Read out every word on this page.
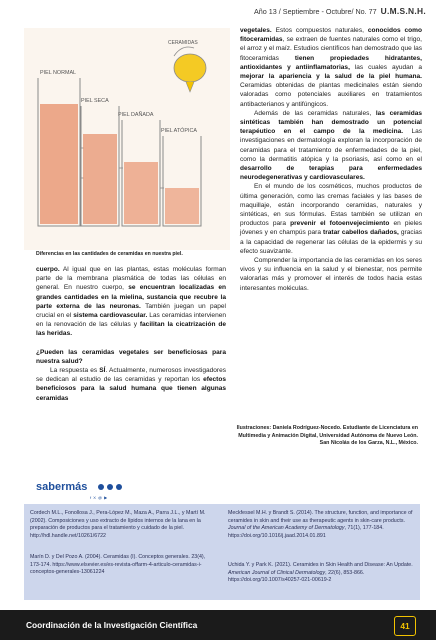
Año 13 / Septiembre - Octubre/ No. 77 U.M.S.N.H.
PIEL NORMAL
PIEL SECA
PIEL DAÑADA
PIEL ATÓPICA
CERAMIDAS
Diferencias en las cantidades de ceramidas en nuestra piel.

cuerpo. Al igual que en las plantas, estas moléculas forman parte de la membrana plasmática de todas las células en general. En nuestro cuerpo, se encuentran localizadas en grandes cantidades en la mielina, sustancia que recubre la parte externa de las neuronas. También juegan un papel crucial en el sistema cardiovascular. Las ceramidas intervienen en la renovación de las células y facilitan la cicatrización de las heridas.

¿Pueden las ceramidas vegetales ser beneficiosas para nuestra salud?

La respuesta es SÍ. Actualmente, numerosos investigadores se dedican al estudio de las ceramidas y reportan los efectos beneficiosos para la salud humana que tienen algunas ceramidas

vegetales. Estos compuestos naturales, conocidos como fitoceramidas, se extraen de fuentes naturales como el trigo, el arroz y el maíz. Estudios científicos han demostrado que las fitoceramidas tienen propiedades hidratantes, antioxidantes y antiinflamatorias, las cuales ayudan a mejorar la apariencia y la salud de la piel humana. Ceramidas obtenidas de plantas medicinales están siendo valoradas como potenciales auxiliares en tratamientos antibacterianos y antifúngicos.

Además de las ceramidas naturales, las ceramidas sintéticas también han demostrado un potencial terapéutico en el campo de la medicina. Las investigaciones en dermatología exploran la incorporación de ceramidas para el tratamiento de enfermedades de la piel, como la dermatitis atópica y la psoriasis, así como en el desarrollo de terapias para enfermedades neurodegenerativas y cardiovasculares.

En el mundo de los cosméticos, muchos productos de última generación, como las cremas faciales y las bases de maquillaje, están incorporando ceramidas, naturales y sintéticas, en sus fórmulas. Estas también se utilizan en productos para prevenir el fotoenvejecimiento en pieles jóvenes y en champús para tratar cabellos dañados, gracias a la capacidad de regenerar las células de la epidermis y su efecto suavizante.

Comprender la importancia de las ceramidas en los seres vivos y su influencia en la salud y el bienestar, nos permite valorarlas más y promover el interés de todos hacia estas interesantes moléculas.

Ilustraciones: Daniela Rodríguez-Nocedo. Estudiante de Licenciatura en Multimedia y Animación Digital, Universidad Autónoma de Nuevo León.
San Nicolás de los Garza, N.L., México.
sabermás
f X @ ▶
Cordech M.L., Fonollosa J., Pera-López M., Maza A., Parra J.L., y Martí M. (2002). Composiciones y uso extracto de lípidos internos de la lana en la preparación de productos para el tratamiento y cuidado de la piel. http://hdl.handle.net/10261/6722
Marín D. y Del Pozo A. (2004). Ceramidas (I). Conceptos generales. 23(4), 173-174. https://www.elsevier.es/es-revista-offarm-4-articulo-ceramidas-i-conceptos-generales-13061224
Meckfessel M.H. y Brandt S. (2014). The structure, function, and importance of ceramides in skin and their use as therapeutic agents in skin-care products. Journal of the American Academy of Dermatology, 71(1), 177-184. https://doi.org/10.1016/j.jaad.2014.01.891
Uchida Y. y Park K. (2021). Ceramides in Skin Health and Disease: An Update. American Journal of Clinical Dermatology, 22(6), 853-866. https://doi.org/10.1007/s40257-021-00619-2
Coordinación de la Investigación Científica	41
